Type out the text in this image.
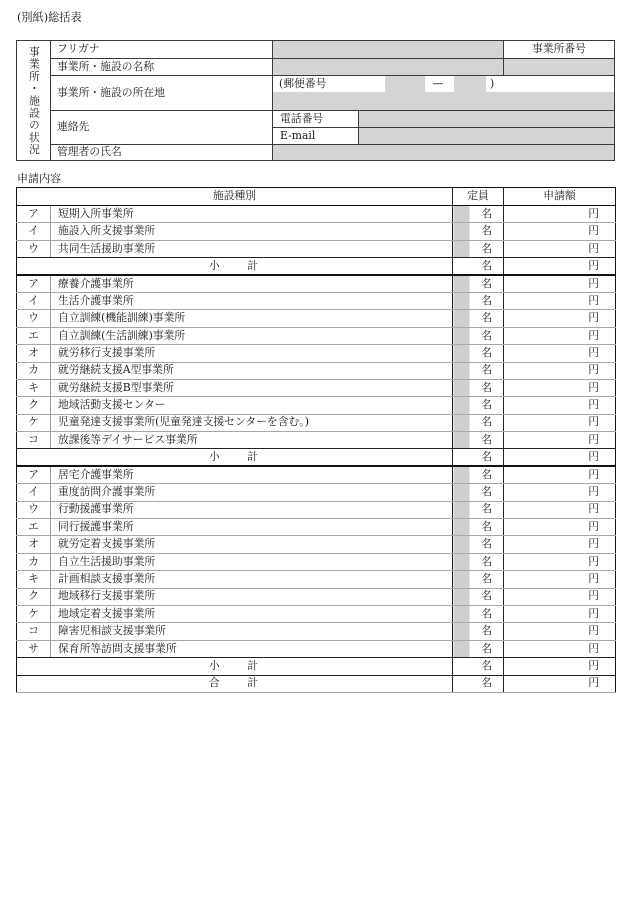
(別紙)総括表
事業所・施設の状況	フリガナ	事業所番号
事業所・施設の名称
事業所・施設の所在地
(郵便番号	—	)
連絡先
電話番号
E-mail
管理者の氏名
申請内容
施設種別		定員	申請額
ア	短期入所事業所	名	円
イ	施設入所支援事業所	名	円
ウ	共同生活援助事業所	名	円
小　　計		名	円
ア	療養介護事業所	名	円
イ	生活介護事業所	名	円
ウ	自立訓練(機能訓練)事業所	名	円
エ	自立訓練(生活訓練)事業所	名	円
オ	就労移行支援事業所	名	円
カ	就労継続支援A型事業所	名	円
キ	就労継続支援B型事業所	名	円
ク	地域活動支援センター	名	円
ケ	児童発達支援事業所(児童発達支援センターを含む。)	名	円
コ	放課後等デイサービス事業所	名	円
小　　計		名	円
ア	居宅介護事業所	名	円
イ	重度訪問介護事業所	名	円
ウ	行動援護事業所	名	円
エ	同行援護事業所	名	円
オ	就労定着支援事業所	名	円
カ	自立生活援助事業所	名	円
キ	計画相談支援事業所	名	円
ク	地域移行支援事業所	名	円
ケ	地域定着支援事業所	名	円
コ	障害児相談支援事業所	名	円
サ	保育所等訪問支援事業所	名	円
小　　計		名	円
合　　計		名	円
